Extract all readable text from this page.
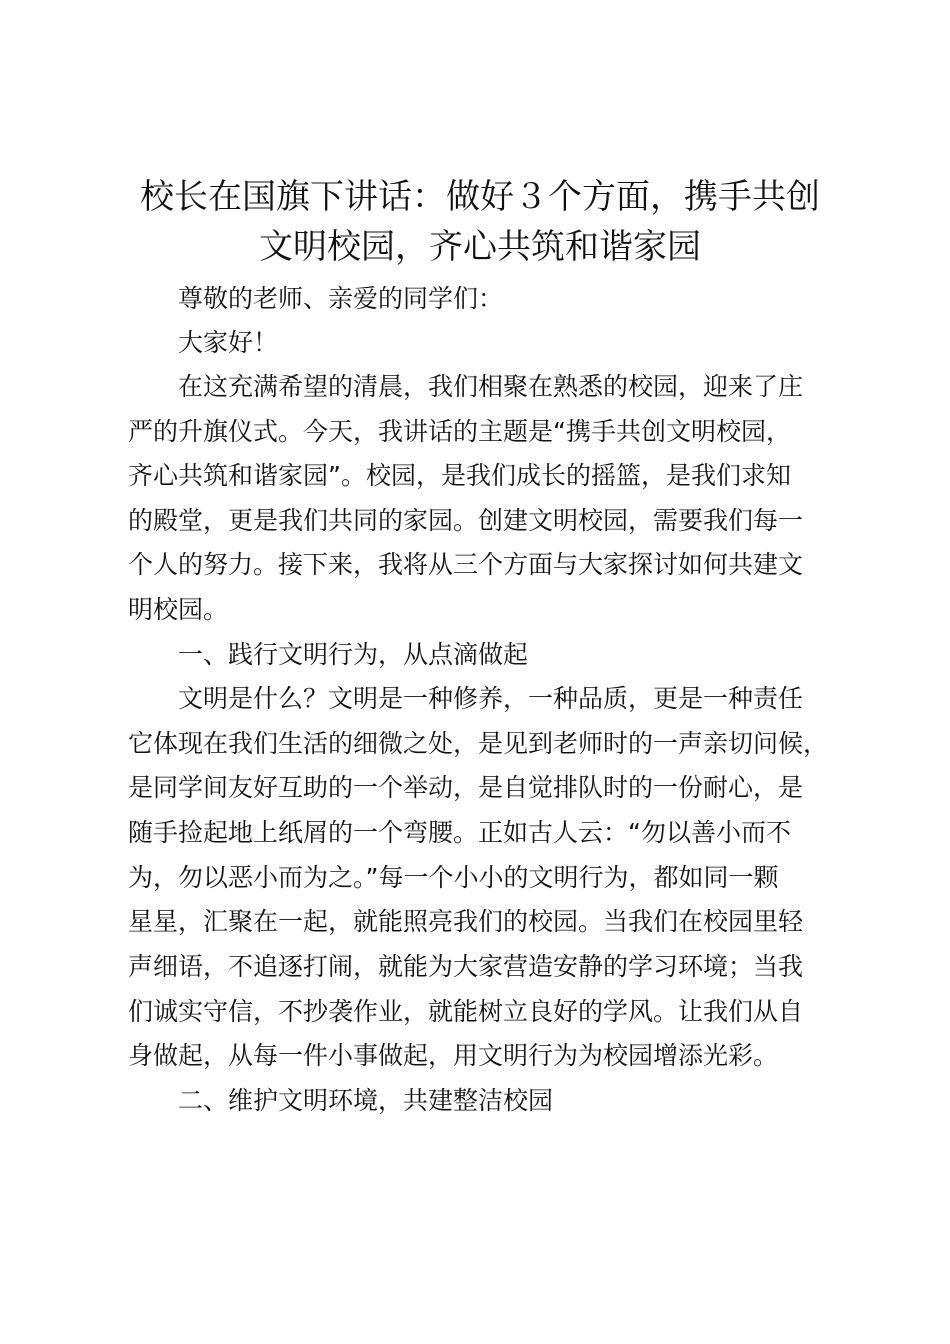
校长在国旗下讲话：做好３个方面，携手共创
文明校园，齐心共筑和谐家园

尊敬的老师、亲爱的同学们：

大家好！

在这充满希望的清晨，我们相聚在熟悉的校园，迎来了庄

严的升旗仪式。今天，我讲话的主题是“携手共创文明校园，

齐心共筑和谐家园”。校园，是我们成长的摇篮，是我们求知

的殿堂，更是我们共同的家园。创建文明校园，需要我们每一

个人的努力。接下来，我将从三个方面与大家探讨如何共建文

明校园。

一、践行文明行为，从点滴做起

文明是什么？文明是一种修养，一种品质，更是一种责任

它体现在我们生活的细微之处，是见到老师时的一声亲切问候，

是同学间友好互助的一个举动，是自觉排队时的一份耐心，是

随手捡起地上纸屑的一个弯腰。正如古人云：“勿以善小而不

为，勿以恶小而为之。”每一个小小的文明行为，都如同一颗

星星，汇聚在一起，就能照亮我们的校园。当我们在校园里轻

声细语，不追逐打闹，就能为大家营造安静的学习环境；当我

们诚实守信，不抄袭作业，就能树立良好的学风。让我们从自

身做起，从每一件小事做起，用文明行为为校园增添光彩。

二、维护文明环境，共建整洁校园
